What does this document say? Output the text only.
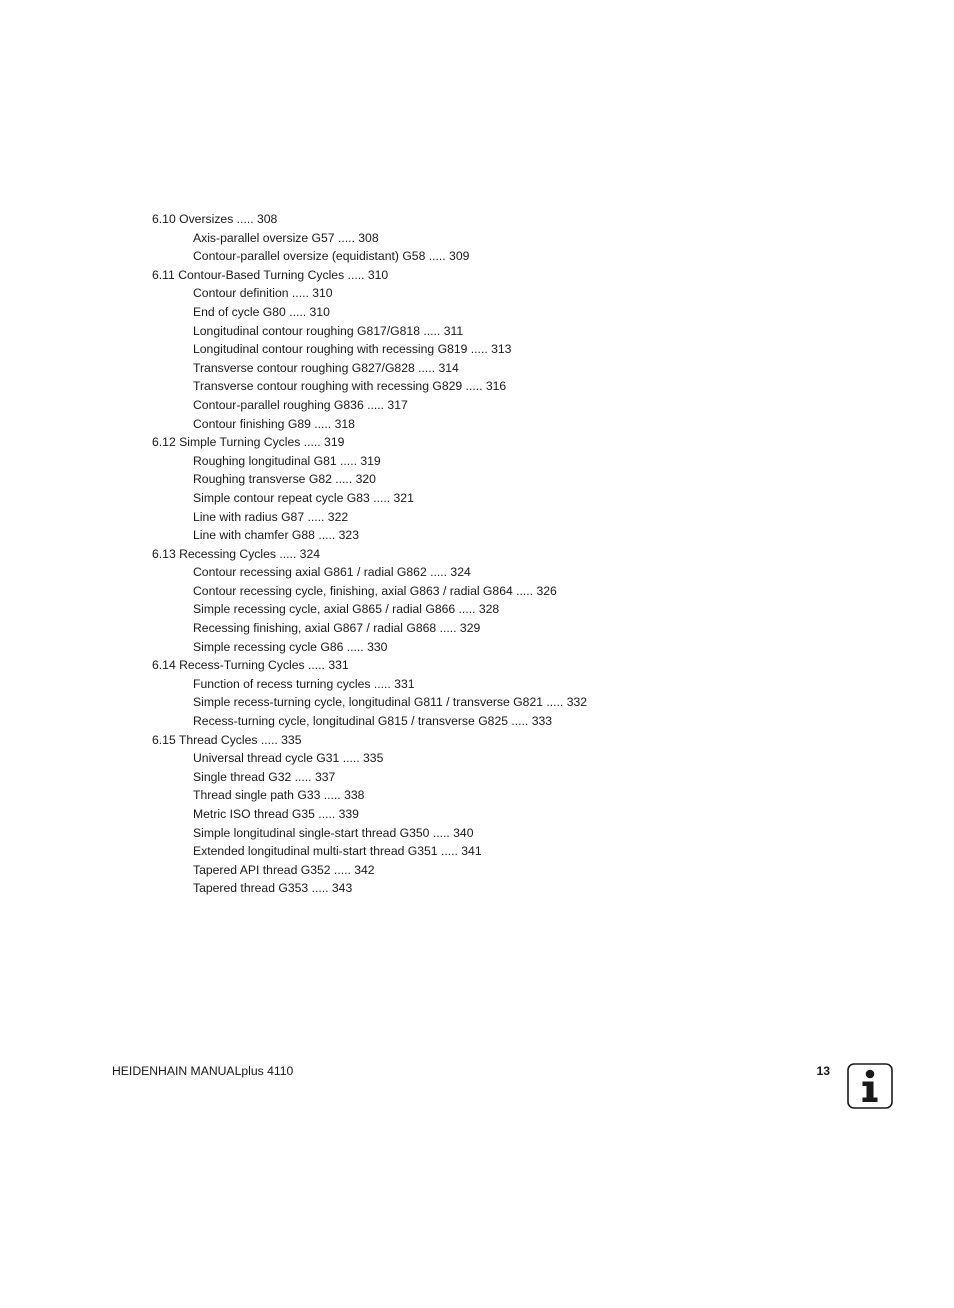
6.10 Oversizes ..... 308
Axis-parallel oversize G57 ..... 308
Contour-parallel oversize (equidistant) G58 ..... 309
6.11 Contour-Based Turning Cycles ..... 310
Contour definition ..... 310
End of cycle G80 ..... 310
Longitudinal contour roughing G817/G818 ..... 311
Longitudinal contour roughing with recessing G819 ..... 313
Transverse contour roughing G827/G828 ..... 314
Transverse contour roughing with recessing G829 ..... 316
Contour-parallel roughing G836 ..... 317
Contour finishing G89 ..... 318
6.12 Simple Turning Cycles ..... 319
Roughing longitudinal G81 ..... 319
Roughing transverse G82 ..... 320
Simple contour repeat cycle G83 ..... 321
Line with radius G87 ..... 322
Line with chamfer G88 ..... 323
6.13 Recessing Cycles ..... 324
Contour recessing axial G861 / radial G862 ..... 324
Contour recessing cycle, finishing, axial G863 / radial G864 ..... 326
Simple recessing cycle, axial G865 / radial G866 ..... 328
Recessing finishing, axial G867 / radial G868 ..... 329
Simple recessing cycle G86 ..... 330
6.14 Recess-Turning Cycles ..... 331
Function of recess turning cycles ..... 331
Simple recess-turning cycle, longitudinal G811 / transverse G821 ..... 332
Recess-turning cycle, longitudinal G815 / transverse G825 ..... 333
6.15 Thread Cycles ..... 335
Universal thread cycle G31 ..... 335
Single thread G32 ..... 337
Thread single path G33 ..... 338
Metric ISO thread G35 ..... 339
Simple longitudinal single-start thread G350 ..... 340
Extended longitudinal multi-start thread G351 ..... 341
Tapered API thread G352 ..... 342
Tapered thread G353 ..... 343
HEIDENHAIN MANUALplus 4110	13
